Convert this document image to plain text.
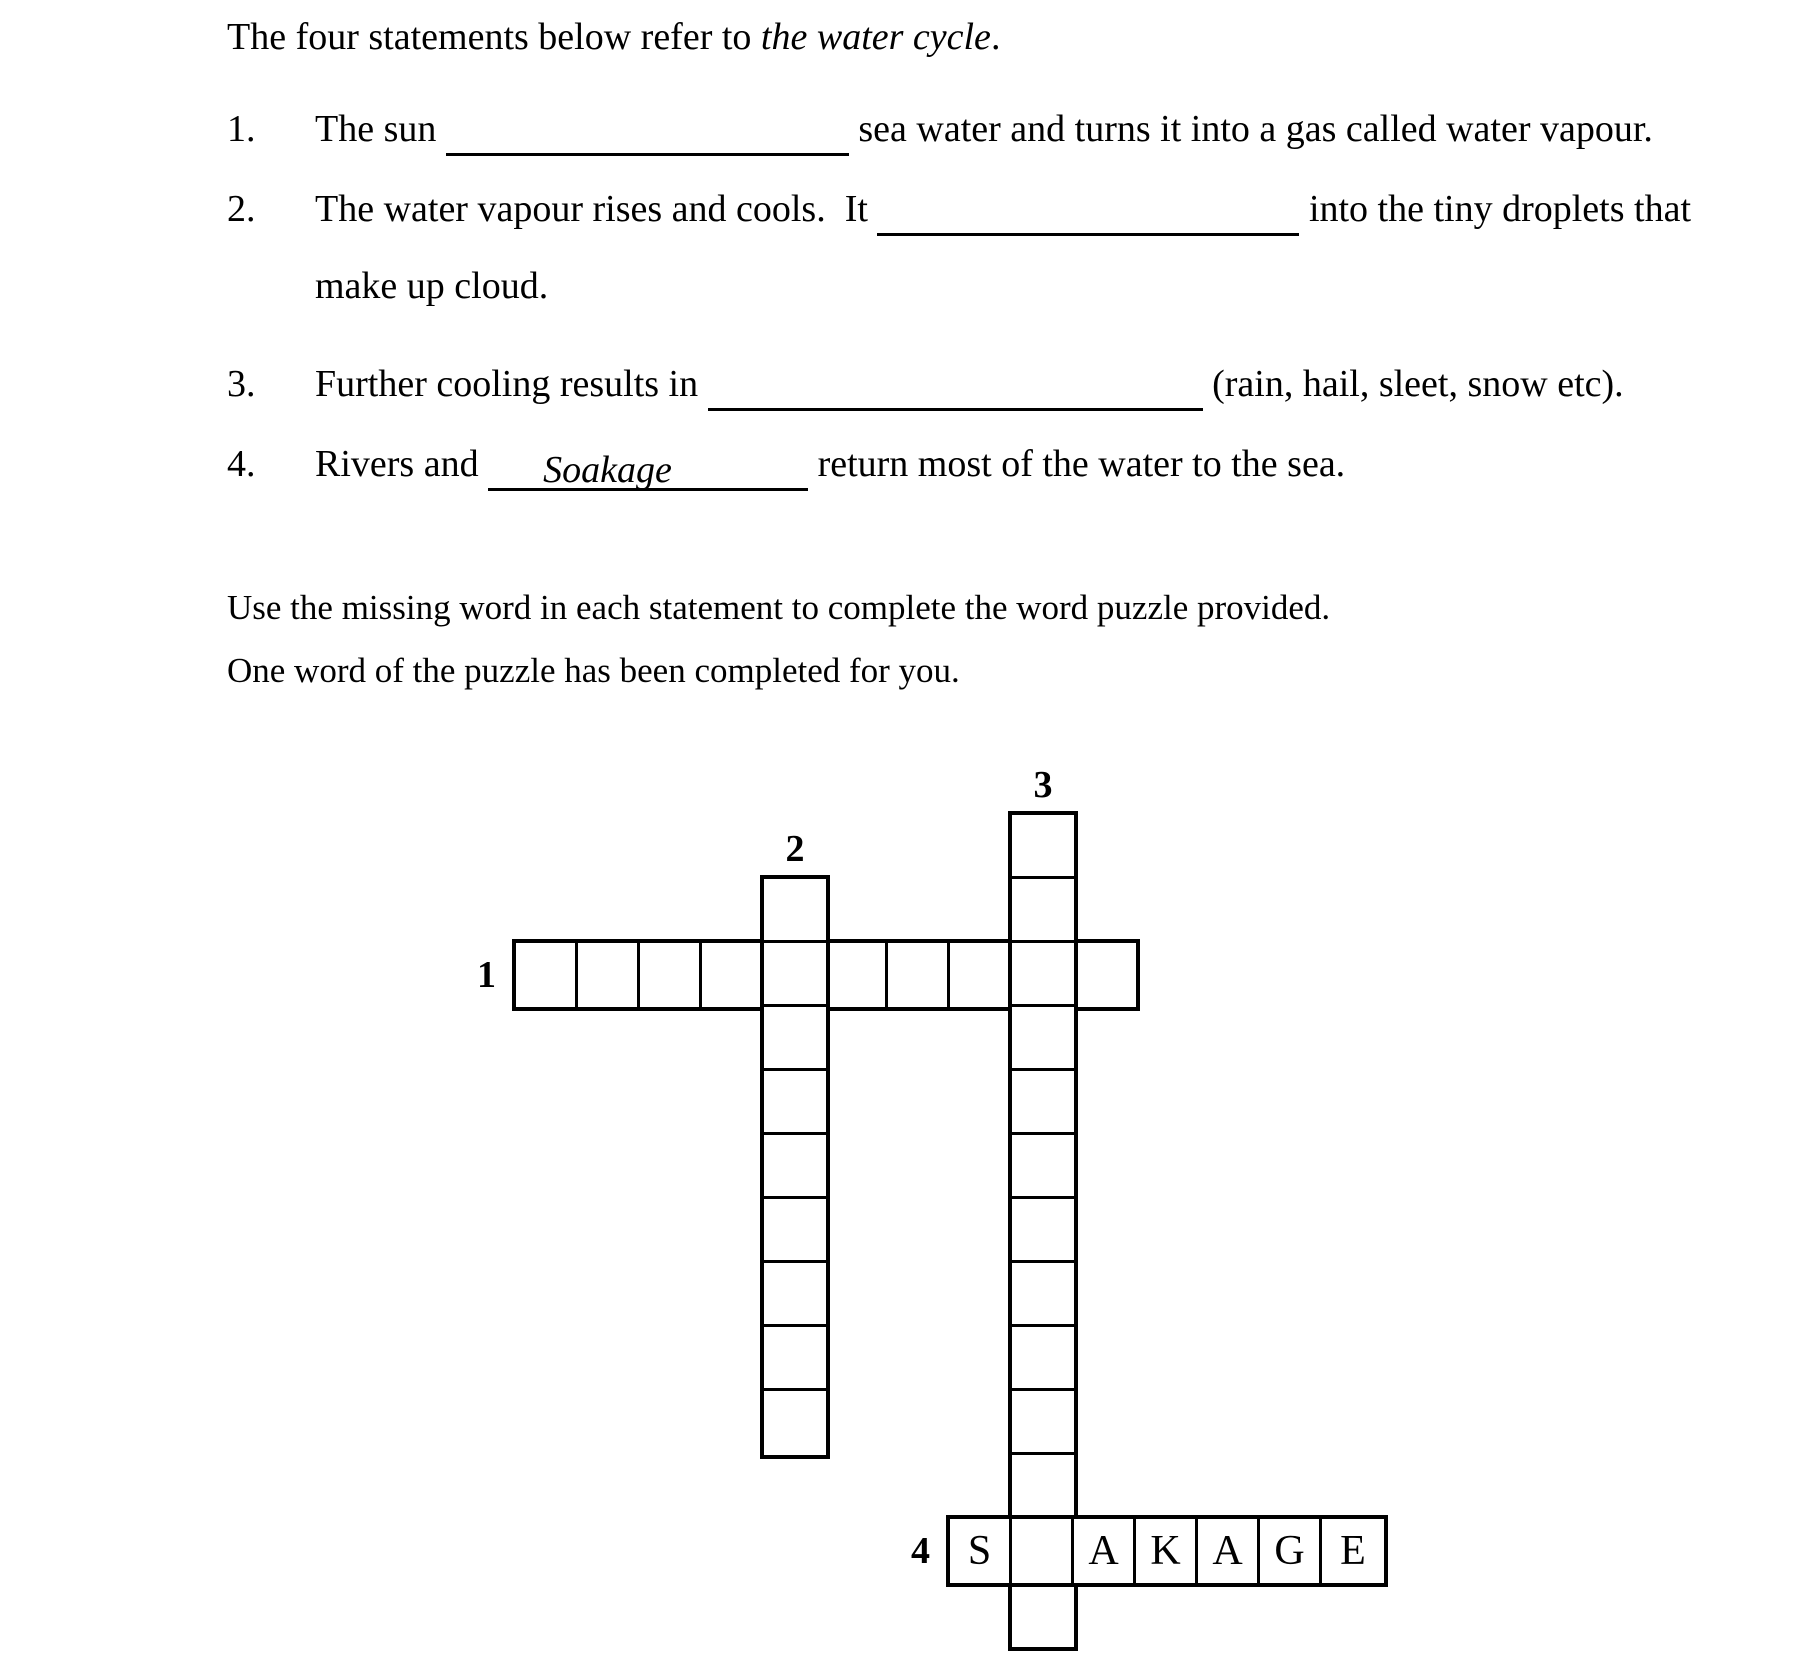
The four statements below refer to the water cycle.
1. The sun	sea water and turns it into a gas called water vapour.
2. The water vapour rises and cools.  It	into the tiny droplets that
make up cloud.
3. Further cooling results in	(rain, hail, sleet, snow etc).
4. Rivers and Soakage	return most of the water to the sea.
Use the missing word in each statement to complete the word puzzle provided.
One word of the puzzle has been completed for you.
1
2
3
S	A K A G E
4
